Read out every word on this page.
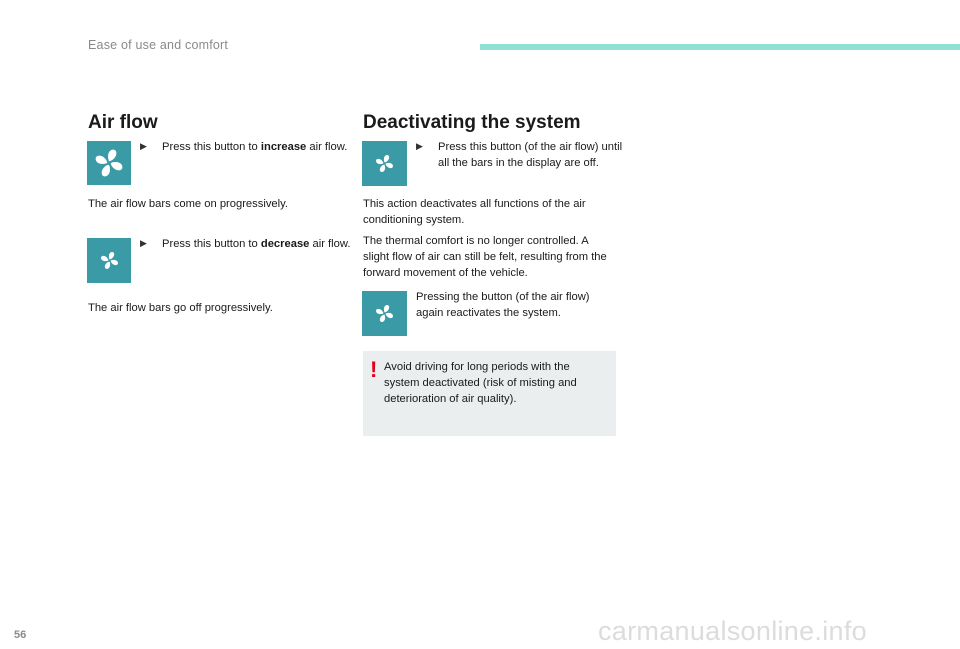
Ease of use and comfort
Air flow
▶ Press this button to increase air flow.

The air flow bars come on progressively.

▶ Press this button to decrease air flow.

The air flow bars go off progressively.

Deactivating the system
▶ Press this button (of the air flow) until all the bars in the display are off.

This action deactivates all functions of the air conditioning system.

The thermal comfort is no longer controlled. A slight flow of air can still be felt, resulting from the forward movement of the vehicle.

Pressing the button (of the air flow) again reactivates the system.

! Avoid driving for long periods with the system deactivated (risk of misting and deterioration of air quality).
56	carmanualsonline.info
